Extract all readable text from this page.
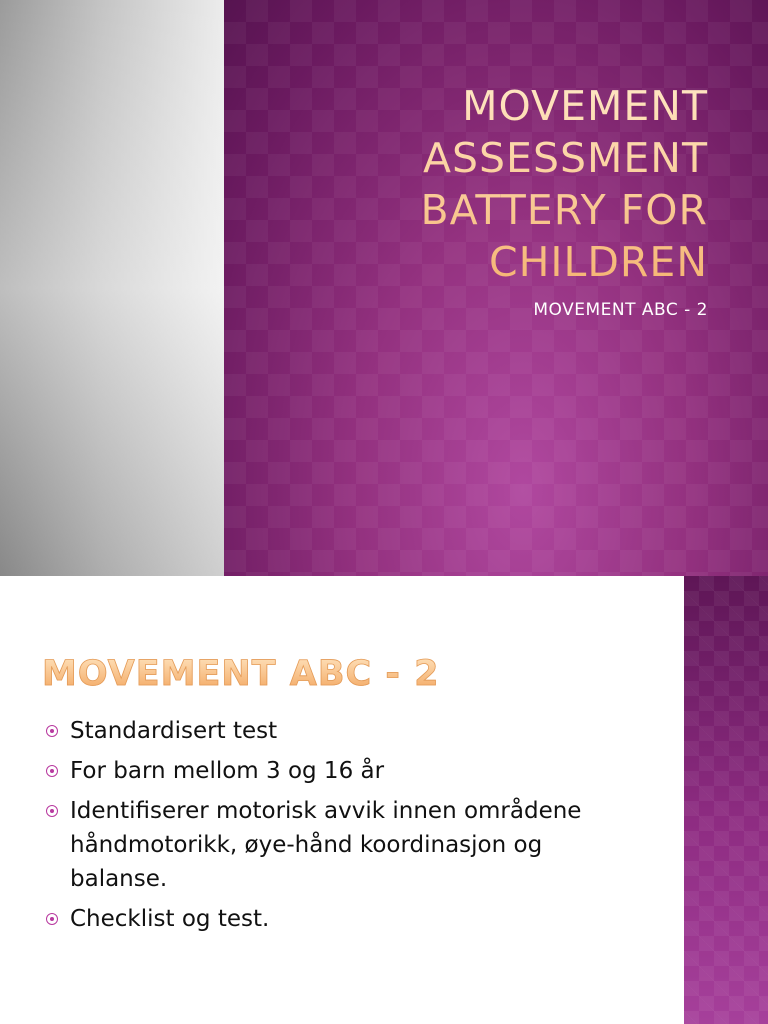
MOVEMENT
ASSESSMENT
BATTERY FOR
CHILDREN
MOVEMENT ABC - 2
MOVEMENT ABC - 2
Standardisert test
For barn mellom 3 og 16 år
Identifiserer motorisk avvik innen områdene håndmotorikk, øye-hånd koordinasjon og balanse.
Checklist og test.
